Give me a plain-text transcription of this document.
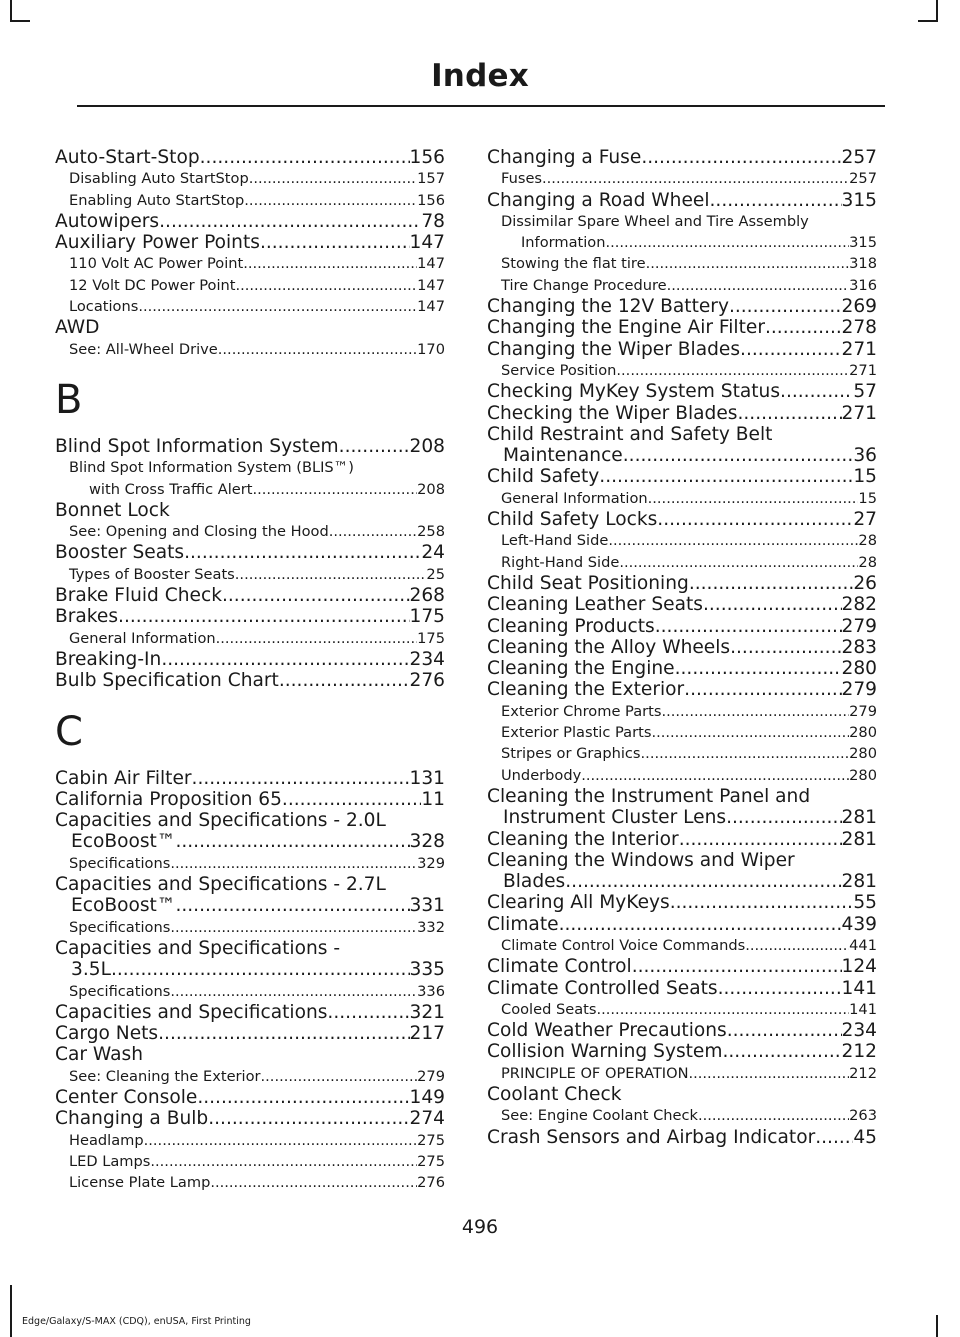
Index
Auto-Start-Stop .....	156
Disabling Auto StartStop .....	157
Enabling Auto StartStop .....	156
Autowipers .....	78
Auxiliary Power Points .....	147
110 Volt AC Power Point .....	147
12 Volt DC Power Point .....	147
Locations .....	147
AWD
See: All-Wheel Drive .....	170
B
Blind Spot Information System .....	208
Blind Spot Information System (BLIS™)
with Cross Traffic Alert .....	208
Bonnet Lock
See: Opening and Closing the Hood .....	258
Booster Seats .....	24
Types of Booster Seats .....	25
Brake Fluid Check .....	268
Brakes .....	175
General Information .....	175
Breaking-In .....	234
Bulb Specification Chart .....	276
C
Cabin Air Filter .....	131
California Proposition 65 .....	11
Capacities and Specifications - 2.0L
EcoBoost™ .....	328
Specifications .....	329
Capacities and Specifications - 2.7L
EcoBoost™ .....	331
Specifications .....	332
Capacities and Specifications -
3.5L .....	335
Specifications .....	336
Capacities and Specifications .....	321
Cargo Nets .....	217
Car Wash
See: Cleaning the Exterior .....	279
Center Console .....	149
Changing a Bulb .....	274
Headlamp .....	275
LED Lamps .....	275
License Plate Lamp .....	276
Changing a Fuse .....	257
Fuses .....	257
Changing a Road Wheel .....	315
Dissimilar Spare Wheel and Tire Assembly
Information .....	315
Stowing the flat tire .....	318
Tire Change Procedure .....	316
Changing the 12V Battery .....	269
Changing the Engine Air Filter .....	278
Changing the Wiper Blades .....	271
Service Position .....	271
Checking MyKey System Status .....	57
Checking the Wiper Blades .....	271
Child Restraint and Safety Belt
Maintenance .....	36
Child Safety .....	15
General Information .....	15
Child Safety Locks .....	27
Left-Hand Side .....	28
Right-Hand Side .....	28
Child Seat Positioning .....	26
Cleaning Leather Seats .....	282
Cleaning Products .....	279
Cleaning the Alloy Wheels .....	283
Cleaning the Engine .....	280
Cleaning the Exterior .....	279
Exterior Chrome Parts .....	279
Exterior Plastic Parts .....	280
Stripes or Graphics .....	280
Underbody .....	280
Cleaning the Instrument Panel and
Instrument Cluster Lens .....	281
Cleaning the Interior .....	281
Cleaning the Windows and Wiper
Blades .....	281
Clearing All MyKeys .....	55
Climate .....	439
Climate Control Voice Commands .....	441
Climate Control .....	124
Climate Controlled Seats .....	141
Cooled Seats .....	141
Cold Weather Precautions .....	234
Collision Warning System .....	212
PRINCIPLE OF OPERATION .....	212
Coolant Check
See: Engine Coolant Check .....	263
Crash Sensors and Airbag Indicator ..... 45
496
Edge/Galaxy/S-MAX (CDQ), enUSA, First Printing
